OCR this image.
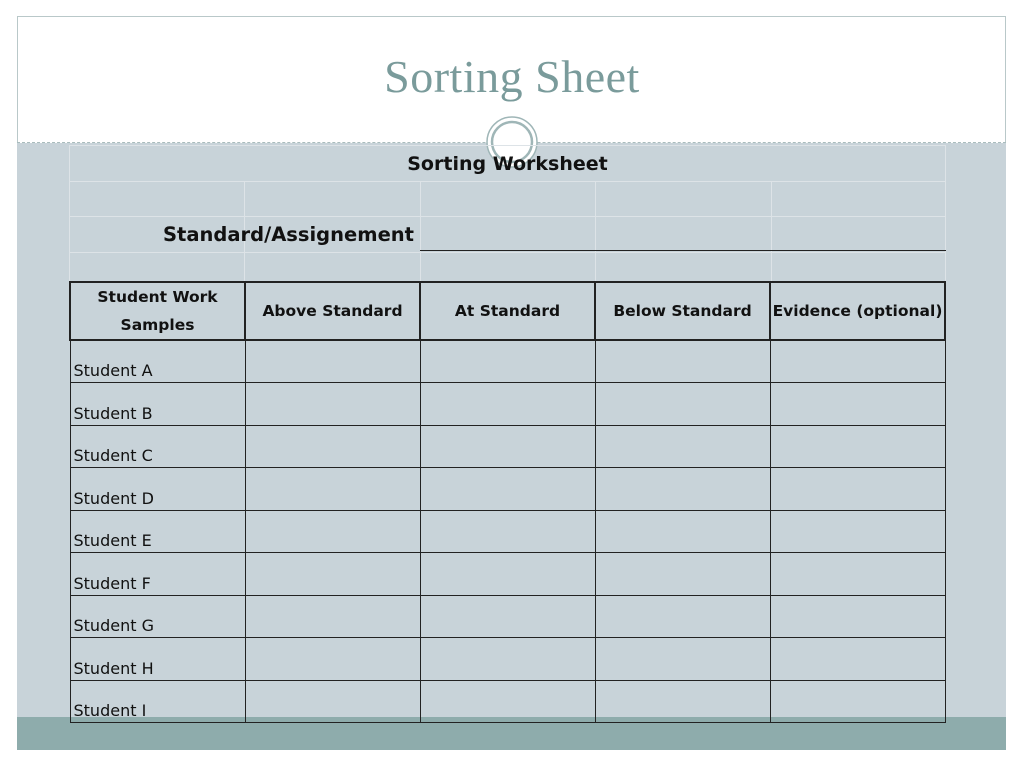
Sorting Sheet
Sorting Worksheet
Standard/Assignement
Student Work Samples	Above Standard	At Standard	Below Standard	Evidence (optional)
Student A				
Student B				
Student C				
Student D				
Student E				
Student F				
Student G				
Student H				
Student I				
